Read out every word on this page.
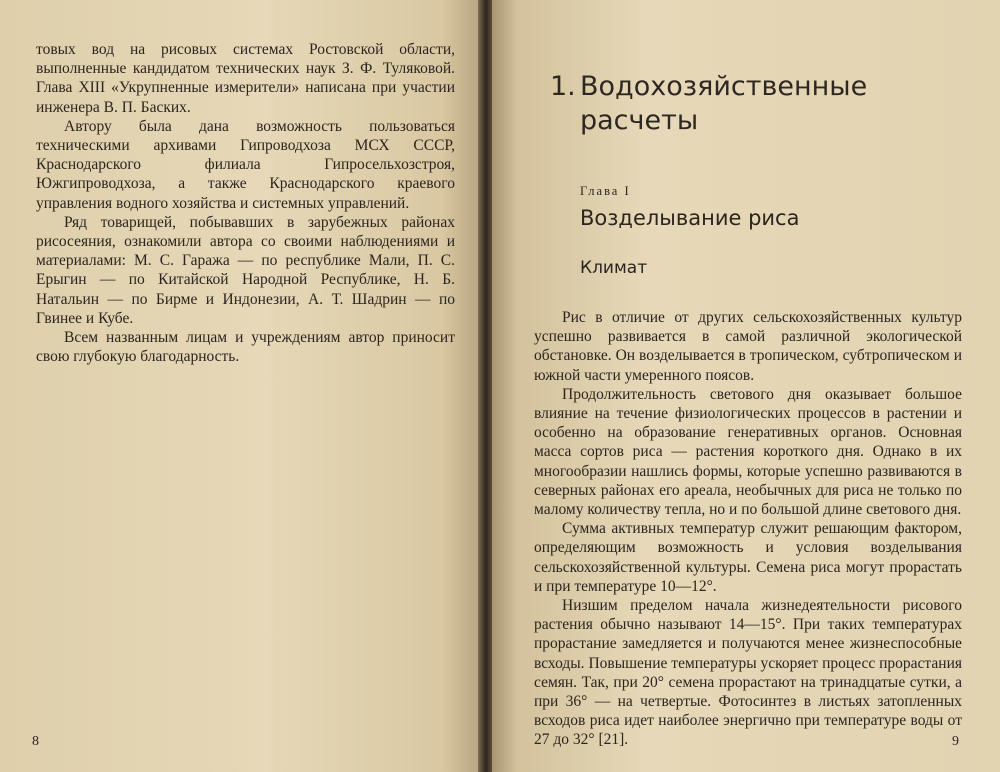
товых вод на рисовых системах Ростовской области, выполненные кандидатом технических наук З. Ф. Туляковой. Глава XIII «Укрупненные измерители» написана при участии инженера В. П. Баских.

Автору была дана возможность пользоваться техническими архивами Гипроводхоза МСХ СССР, Краснодарского филиала Гипросельхозстроя, Южгипроводхоза, а также Краснодарского краевого управления водного хозяйства и системных управлений.

Ряд товарищей, побывавших в зарубежных районах рисосеяния, ознакомили автора со своими наблюдениями и материалами: М. С. Гаража — по республике Мали, П. С. Ерыгин — по Китайской Народной Республике, Н. Б. Натальин — по Бирме и Индонезии, А. Т. Шадрин — по Гвинее и Кубе.

Всем названным лицам и учреждениям автор приносит свою глубокую благодарность.

8
1. Водохозяйственные
расчеты
Глава I
Возделывание риса
Климат

Рис в отличие от других сельскохозяйственных культур успешно развивается в самой различной экологической обстановке. Он возделывается в тропическом, субтропическом и южной части умеренного поясов.

Продолжительность светового дня оказывает большое влияние на течение физиологических процессов в растении и особенно на образование генеративных органов. Основная масса сортов риса — растения короткого дня. Однако в их многообразии нашлись формы, которые успешно развиваются в северных районах его ареала, необычных для риса не только по малому количеству тепла, но и по большой длине светового дня.

Сумма активных температур служит решающим фактором, определяющим возможность и условия возделывания сельскохозяйственной культуры. Семена риса могут прорастать и при температуре 10—12°.

Низшим пределом начала жизнедеятельности рисового растения обычно называют 14—15°. При таких температурах прорастание замедляется и получаются менее жизнеспособные всходы. Повышение температуры ускоряет процесс прорастания семян. Так, при 20° семена прорастают на тринадцатые сутки, а при 36° — на четвертые. Фотосинтез в листьях затопленных всходов риса идет наиболее энергично при температуре воды от 27 до 32° [21].	9
